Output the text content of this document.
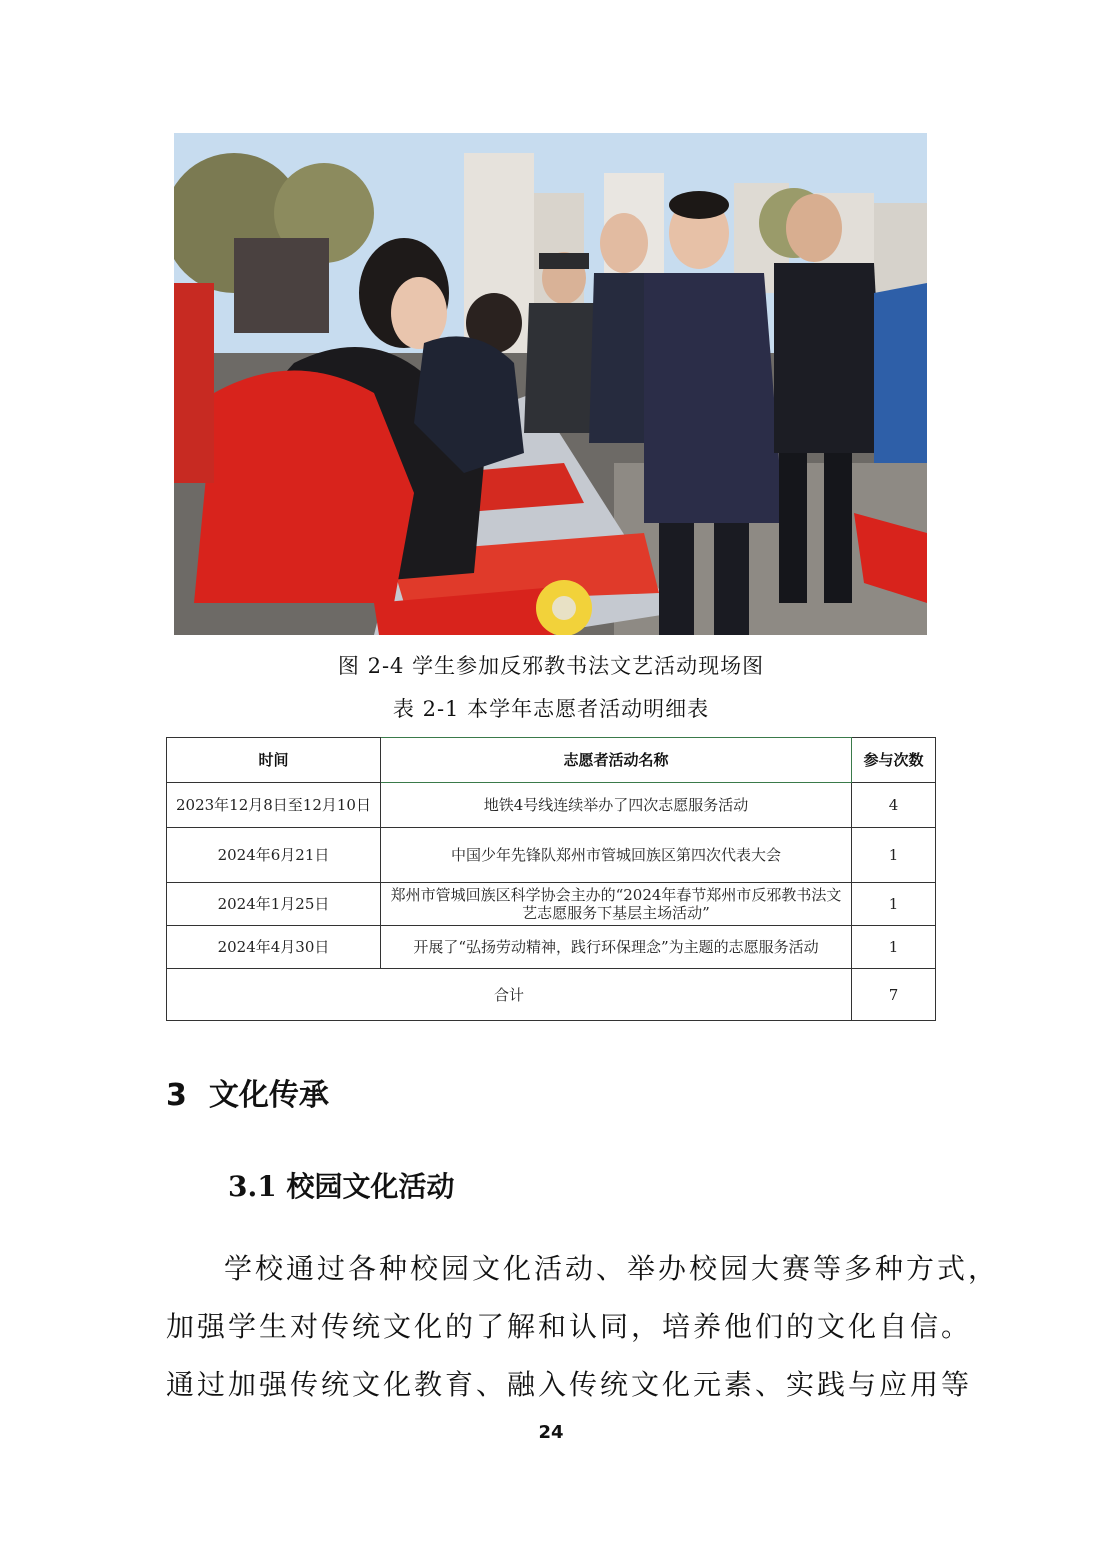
图 2-4 学生参加反邪教书法文艺活动现场图
表 2-1 本学年志愿者活动明细表
时间	志愿者活动名称	参与次数
2023年12月8日至12月10日	地铁4号线连续举办了四次志愿服务活动	4
2024年6月21日	中国少年先锋队郑州市管城回族区第四次代表大会	1
2024年1月25日	郑州市管城回族区科学协会主办的“2024年春节郑州市反邪教书法文艺志愿服务下基层主场活动”	1
2024年4月30日	开展了“弘扬劳动精神，践行环保理念”为主题的志愿服务活动	1
合计		7
3 文化传承
3.1 校园文化活动

学校通过各种校园文化活动、举办校园大赛等多种方式，

加强学生对传统文化的了解和认同，培养他们的文化自信。

通过加强传统文化教育、融入传统文化元素、实践与应用等

24
